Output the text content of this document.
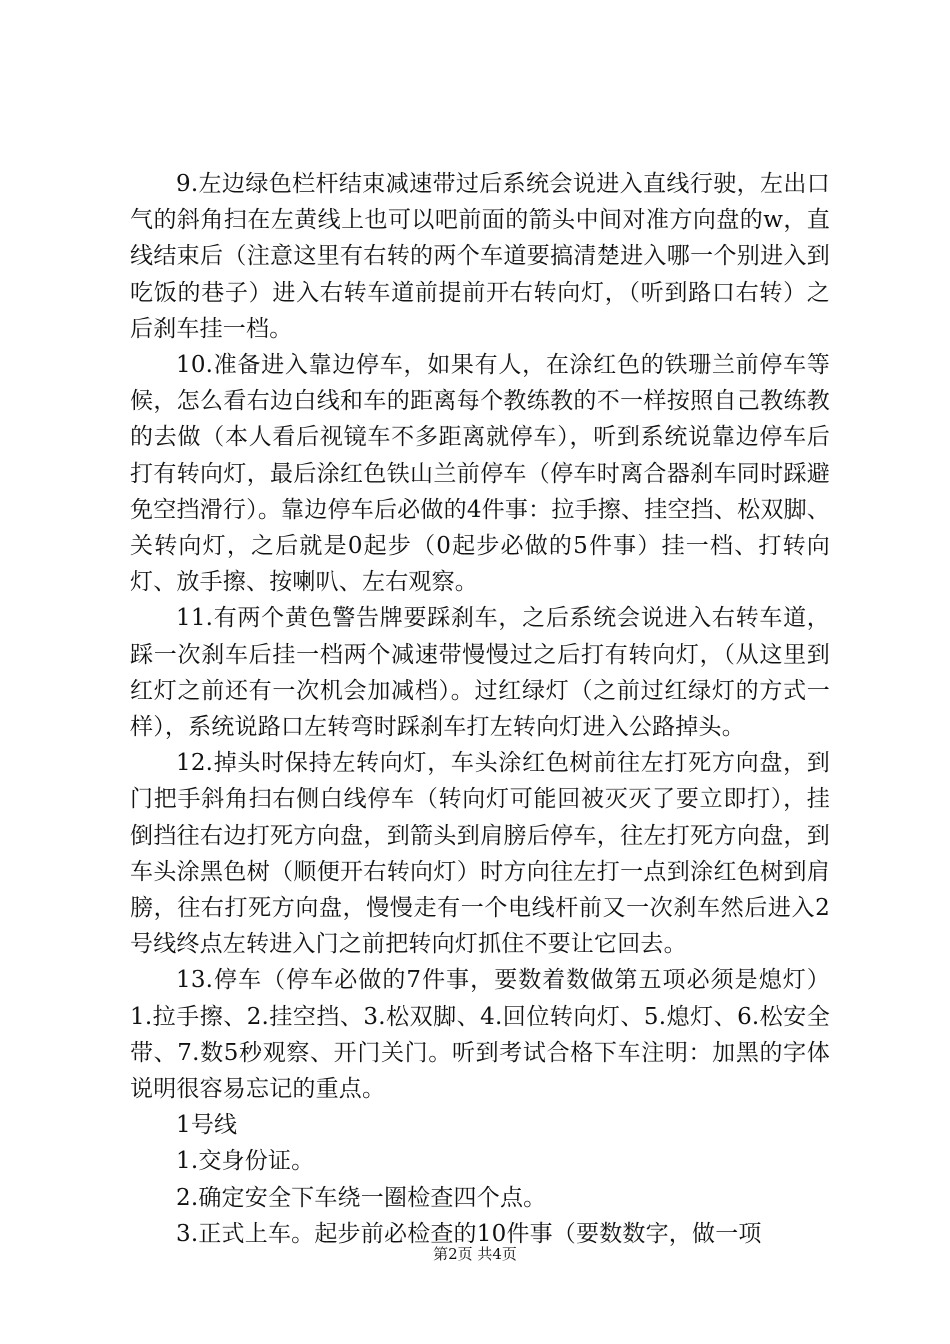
9.左边绿色栏杆结束减速带过后系统会说进入直线行驶，左出口气的斜角扫在左黄线上也可以吧前面的箭头中间对准方向盘的w，直线结束后（注意这里有右转的两个车道要搞清楚进入哪一个别进入到吃饭的巷子）进入右转车道前提前开右转向灯，（听到路口右转）之后刹车挂一档。

10.准备进入靠边停车，如果有人，在涂红色的铁珊兰前停车等候，怎么看右边白线和车的距离每个教练教的不一样按照自己教练教的去做（本人看后视镜车不多距离就停车），听到系统说靠边停车后打有转向灯，最后涂红色铁山兰前停车（停车时离合器刹车同时踩避免空挡滑行）。靠边停车后必做的4件事：拉手擦、挂空挡、松双脚、关转向灯，之后就是0起步（0起步必做的5件事）挂一档、打转向灯、放手擦、按喇叭、左右观察。

11.有两个黄色警告牌要踩刹车，之后系统会说进入右转车道，踩一次刹车后挂一档两个减速带慢慢过之后打有转向灯，（从这里到红灯之前还有一次机会加减档）。过红绿灯（之前过红绿灯的方式一样），系统说路口左转弯时踩刹车打左转向灯进入公路掉头。

12.掉头时保持左转向灯，车头涂红色树前往左打死方向盘，到门把手斜角扫右侧白线停车（转向灯可能回被灭灭了要立即打），挂倒挡往右边打死方向盘，到箭头到肩膀后停车，往左打死方向盘，到车头涂黑色树（顺便开右转向灯）时方向往左打一点到涂红色树到肩膀，往右打死方向盘，慢慢走有一个电线杆前又一次刹车然后进入2号线终点左转进入门之前把转向灯抓住不要让它回去。

13.停车（停车必做的7件事，要数着数做第五项必须是熄灯）1.拉手擦、2.挂空挡、3.松双脚、4.回位转向灯、5.熄灯、6.松安全带、7.数5秒观察、开门关门。听到考试合格下车注明：加黑的字体说明很容易忘记的重点。

1号线

1.交身份证。

2.确定安全下车绕一圈检查四个点。

3.正式上车。起步前必检查的10件事（要数数字，做一项

第2页 共4页
